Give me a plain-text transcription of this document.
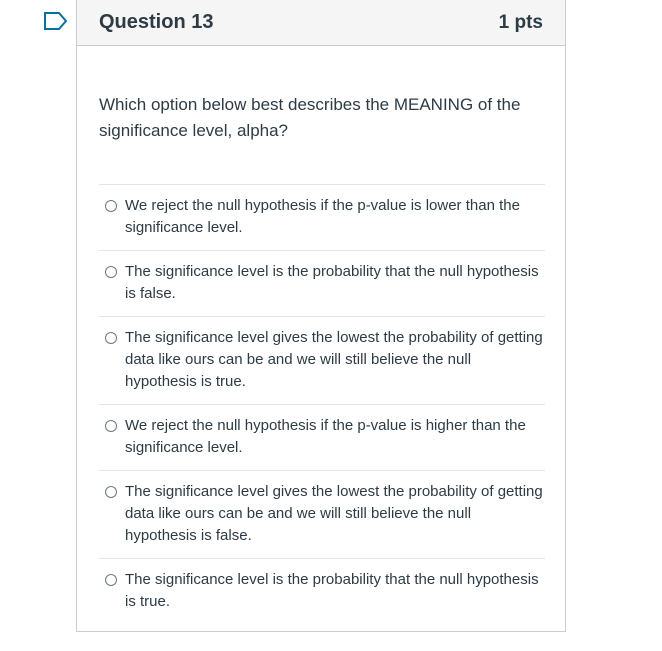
Question 13	1 pts

Which option below best describes the MEANING of the significance level, alpha?

We reject the null hypothesis if the p-value is lower than the significance level.
The significance level is the probability that the null hypothesis is false.
The significance level gives the lowest the probability of getting data like ours can be and we will still believe the null hypothesis is true.
We reject the null hypothesis if the p-value is higher than the significance level.
The significance level gives the lowest the probability of getting data like ours can be and we will still believe the null hypothesis is false.
The significance level is the probability that the null hypothesis is true.
